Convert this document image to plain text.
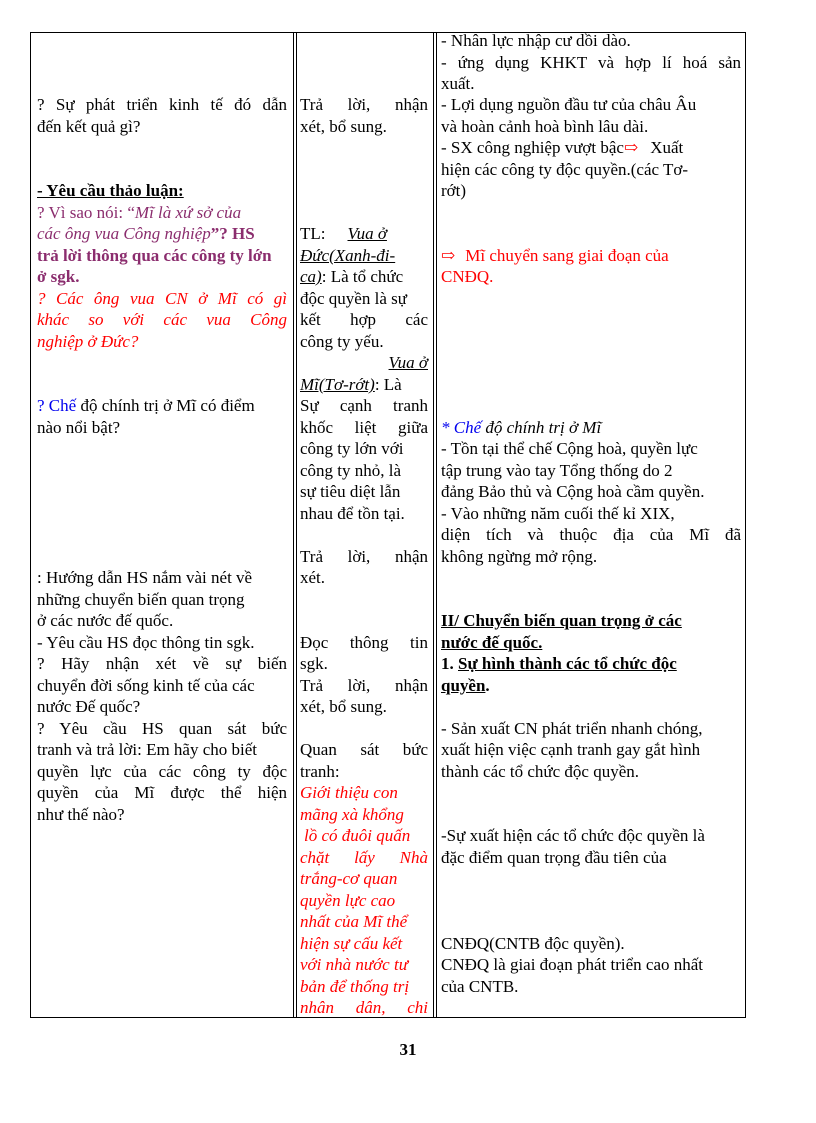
? Sự phát triển kinh tế đó dẫn
đến kết quả gì?
- Yêu cầu thảo luận:
? Vì sao nói: “Mĩ là xứ sở của
các ông vua Công nghiệp”? HS
trả lời thông qua các công ty lớn
ở sgk.
? Các ông vua CN ở Mĩ có gì
khác so với các vua Công
nghiệp ở Đức?
? Chế độ chính trị ở Mĩ có điểm
nào nổi bật?
: Hướng dẫn HS nắm vài nét về
những chuyển biến quan trọng
ở các nước đế quốc.
- Yêu cầu HS đọc thông tin sgk.
? Hãy nhận xét về sự biến
chuyển đời sống kinh tế của các
nước Đế quốc?
? Yêu cầu HS quan sát bức
tranh và trả lời: Em hãy cho biết
quyền lực của các công ty độc
quyền của Mĩ được thể hiện
như thế nào?
Trả lời, nhận
xét, bổ sung.
TL: Vua ở
Đức(Xanh-đi-
ca): Là tổ chức
độc quyền là sự
kết hợp các
công ty yếu.
Vua ở
Mĩ(Tơ-rớt): Là
Sự cạnh tranh
khốc liệt giữa
công ty lớn với
công ty nhỏ, là
sự tiêu diệt lẫn
nhau để tồn tại.
Trả lời, nhận
xét.
Đọc thông tin
sgk.
Trả lời, nhận
xét, bổ sung.
Quan sát bức
tranh:
Giới thiệu con
mãng xà khổng
lồ có đuôi quấn
chặt lấy Nhà
trắng-cơ quan
quyền lực cao
nhất của Mĩ thể
hiện sự cấu kết
với nhà nước tư
bản để thống trị
nhân dân, chi
- Nhân lực nhập cư dồi dào.
- ứng dụng KHKT và hợp lí hoá sản
xuất.
- Lợi dụng nguồn đầu tư của châu Âu
và hoàn cảnh hoà bình lâu dài.
- SX công nghiệp vượt bậc⇨ Xuất
hiện các công ty độc quyền.(các Tơ-
rớt)
⇨ Mĩ chuyển sang giai đoạn của
CNĐQ.
* Chế độ chính trị ở Mĩ
- Tồn tại thể chế Cộng hoà, quyền lực
tập trung vào tay Tổng thống do 2
đảng Bảo thủ và Cộng hoà cầm quyền.
- Vào những năm cuối thế kỉ XIX,
diện tích và thuộc địa của Mĩ đã
không ngừng mở rộng.
II/ Chuyển biến quan trọng ở các
nước đế quốc.
1. Sự hình thành các tổ chức độc
quyền.
- Sản xuất CN phát triển nhanh chóng,
xuất hiện việc cạnh tranh gay gắt hình
thành các tổ chức độc quyền.
-Sự xuất hiện các tổ chức độc quyền là
đặc điểm quan trọng đầu tiên của
CNĐQ(CNTB độc quyền).
CNĐQ là giai đoạn phát triển cao nhất
của CNTB.
31
